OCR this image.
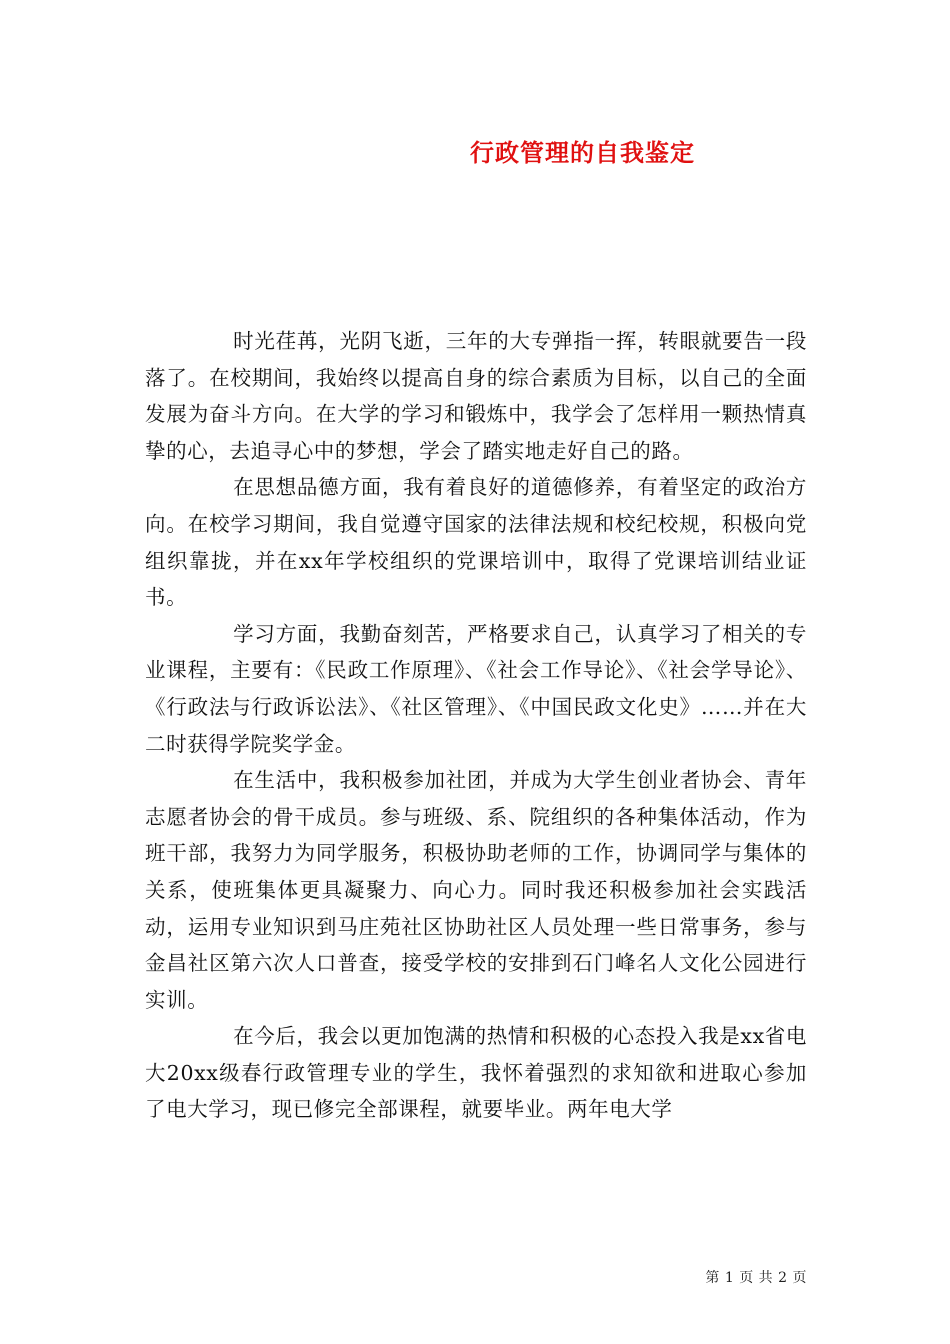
行政管理的自我鉴定

时光荏苒，光阴飞逝，三年的大专弹指一挥，转眼就要告一段落了。在校期间，我始终以提高自身的综合素质为目标，以自己的全面发展为奋斗方向。在大学的学习和锻炼中，我学会了怎样用一颗热情真挚的心，去追寻心中的梦想，学会了踏实地走好自己的路。

在思想品德方面，我有着良好的道德修养，有着坚定的政治方向。在校学习期间，我自觉遵守国家的法律法规和校纪校规，积极向党组织靠拢，并在xx年学校组织的党课培训中，取得了党课培训结业证书。

学习方面，我勤奋刻苦，严格要求自己，认真学习了相关的专业课程，主要有：《民政工作原理》、《社会工作导论》、《社会学导论》、《行政法与行政诉讼法》、《社区管理》、《中国民政文化史》……并在大二时获得学院奖学金。

在生活中，我积极参加社团，并成为大学生创业者协会、青年志愿者协会的骨干成员。参与班级、系、院组织的各种集体活动，作为班干部，我努力为同学服务，积极协助老师的工作，协调同学与集体的关系，使班集体更具凝聚力、向心力。同时我还积极参加社会实践活动，运用专业知识到马庄苑社区协助社区人员处理一些日常事务，参与金昌社区第六次人口普查，接受学校的安排到石门峰名人文化公园进行实训。

在今后，我会以更加饱满的热情和积极的心态投入我是xx省电大20xx级春行政管理专业的学生，我怀着强烈的求知欲和进取心参加了电大学习，现已修完全部课程，就要毕业。两年电大学

第 1 页 共 2 页
